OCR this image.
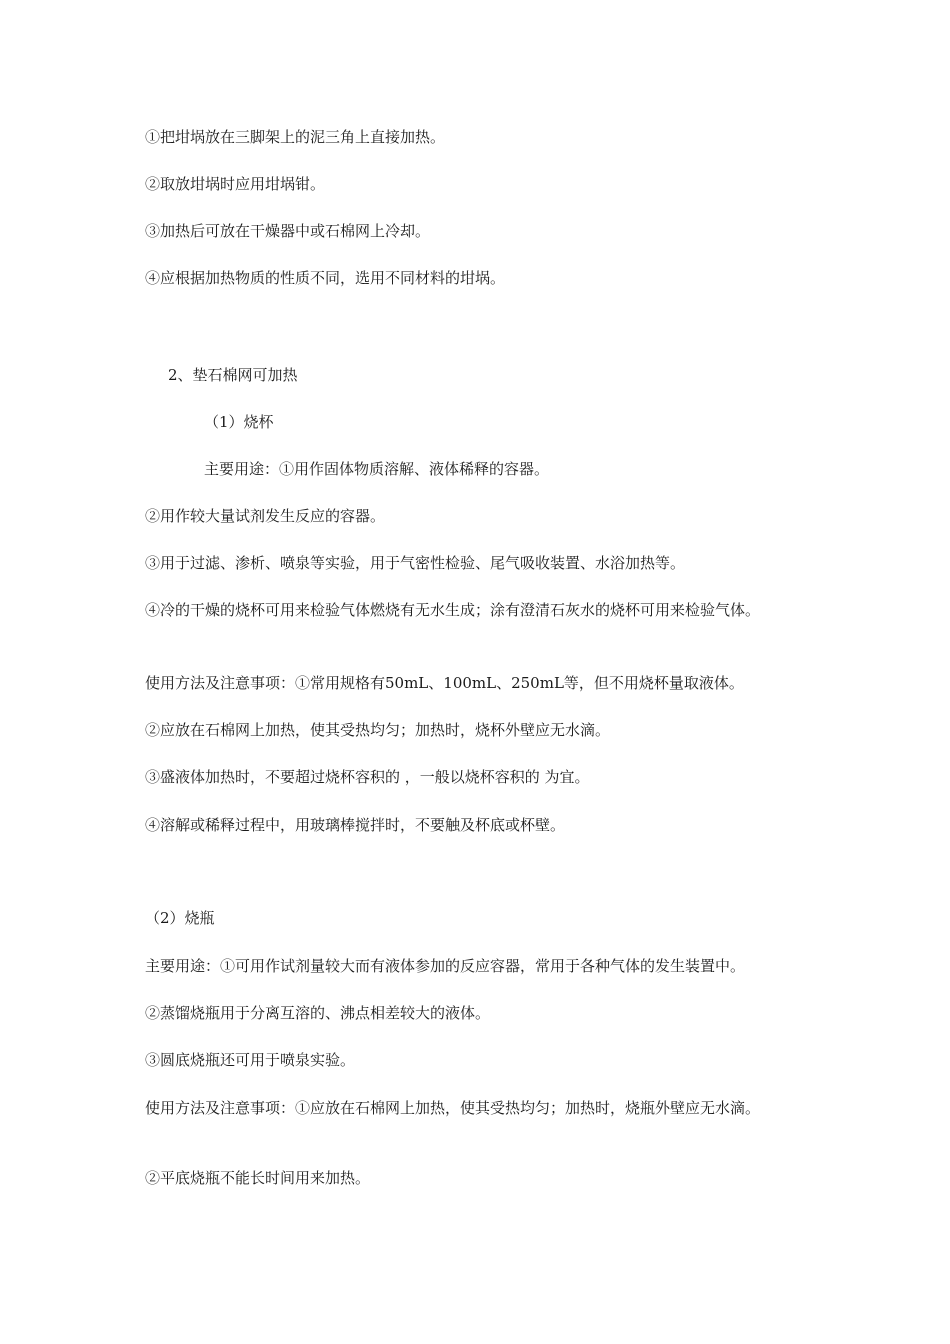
①把坩埚放在三脚架上的泥三角上直接加热。
②取放坩埚时应用坩埚钳。
③加热后可放在干燥器中或石棉网上冷却。
④应根据加热物质的性质不同，选用不同材料的坩埚。
2、垫石棉网可加热
（1）烧杯
主要用途：①用作固体物质溶解、液体稀释的容器。
②用作较大量试剂发生反应的容器。
③用于过滤、渗析、喷泉等实验，用于气密性检验、尾气吸收装置、水浴加热等。
④冷的干燥的烧杯可用来检验气体燃烧有无水生成；涂有澄清石灰水的烧杯可用来检验气体。
使用方法及注意事项：①常用规格有50mL、100mL、250mL等，但不用烧杯量取液体。
②应放在石棉网上加热，使其受热均匀；加热时，烧杯外壁应无水滴。
③盛液体加热时，不要超过烧杯容积的 ，一般以烧杯容积的 为宜。
④溶解或稀释过程中，用玻璃棒搅拌时，不要触及杯底或杯壁。
（2）烧瓶
主要用途：①可用作试剂量较大而有液体参加的反应容器，常用于各种气体的发生装置中。
②蒸馏烧瓶用于分离互溶的、沸点相差较大的液体。
③圆底烧瓶还可用于喷泉实验。
使用方法及注意事项：①应放在石棉网上加热，使其受热均匀；加热时，烧瓶外壁应无水滴。
②平底烧瓶不能长时间用来加热。
